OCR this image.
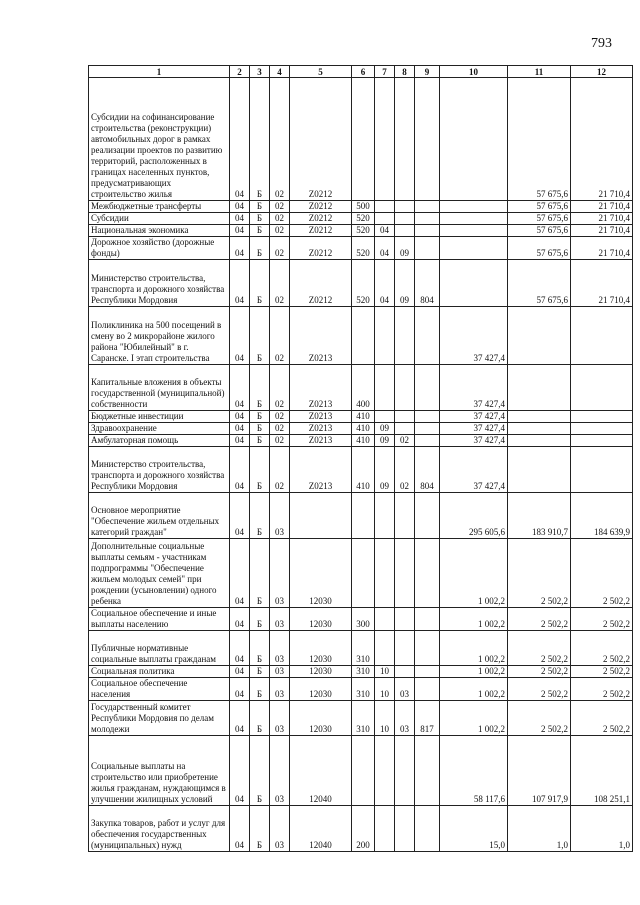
793
1	2	3	4	5	6	7	8	9	10	11	12
Субсидии на софинансирование строительства (реконструкции) автомобильных дорог в рамках реализации проектов по развитию территорий, расположенных в границах населенных пунктов, предусматривающих строительство жилья	04	Б	02	Z0212						57 675,6	21 710,4
Межбюджетные трансферты	04	Б	02	Z0212	500					57 675,6	21 710,4
Субсидии	04	Б	02	Z0212	520					57 675,6	21 710,4
Национальная экономика	04	Б	02	Z0212	520	04				57 675,6	21 710,4
Дорожное хозяйство (дорожные фонды)	04	Б	02	Z0212	520	04	09			57 675,6	21 710,4
Министерство строительства, транспорта и дорожного хозяйства Республики Мордовия	04	Б	02	Z0212	520	04	09	804		57 675,6	21 710,4
Поликлиника на 500 посещений в смену во 2 микрорайоне жилого района "Юбилейный" в г. Саранске. I этап строительства	04	Б	02	Z0213					37 427,4		
Капитальные вложения в объекты государственной (муниципальной) собственности	04	Б	02	Z0213	400				37 427,4		
Бюджетные инвестиции	04	Б	02	Z0213	410				37 427,4		
Здравоохранение	04	Б	02	Z0213	410	09			37 427,4		
Амбулаторная помощь	04	Б	02	Z0213	410	09	02		37 427,4		
Министерство строительства, транспорта и дорожного хозяйства Республики Мордовия	04	Б	02	Z0213	410	09	02	804	37 427,4		
Основное мероприятие "Обеспечение жильем отдельных категорий граждан"	04	Б	03						295 605,6	183 910,7	184 639,9
Дополнительные социальные выплаты семьям - участникам подпрограммы "Обеспечение жильем молодых семей" при рождении (усыновлении) одного ребенка	04	Б	03	12030					1 002,2	2 502,2	2 502,2
Социальное обеспечение и иные выплаты населению	04	Б	03	12030	300				1 002,2	2 502,2	2 502,2
Публичные нормативные социальные выплаты гражданам	04	Б	03	12030	310				1 002,2	2 502,2	2 502,2
Социальная политика	04	Б	03	12030	310	10			1 002,2	2 502,2	2 502,2
Социальное обеспечение населения	04	Б	03	12030	310	10	03		1 002,2	2 502,2	2 502,2
Государственный комитет Республики Мордовия по делам молодежи	04	Б	03	12030	310	10	03	817	1 002,2	2 502,2	2 502,2
Социальные выплаты на строительство или приобретение жилья гражданам, нуждающимся в улучшении жилищных условий	04	Б	03	12040					58 117,6	107 917,9	108 251,1
Закупка товаров, работ и услуг для обеспечения государственных (муниципальных) нужд	04	Б	03	12040	200				15,0	1,0	1,0
